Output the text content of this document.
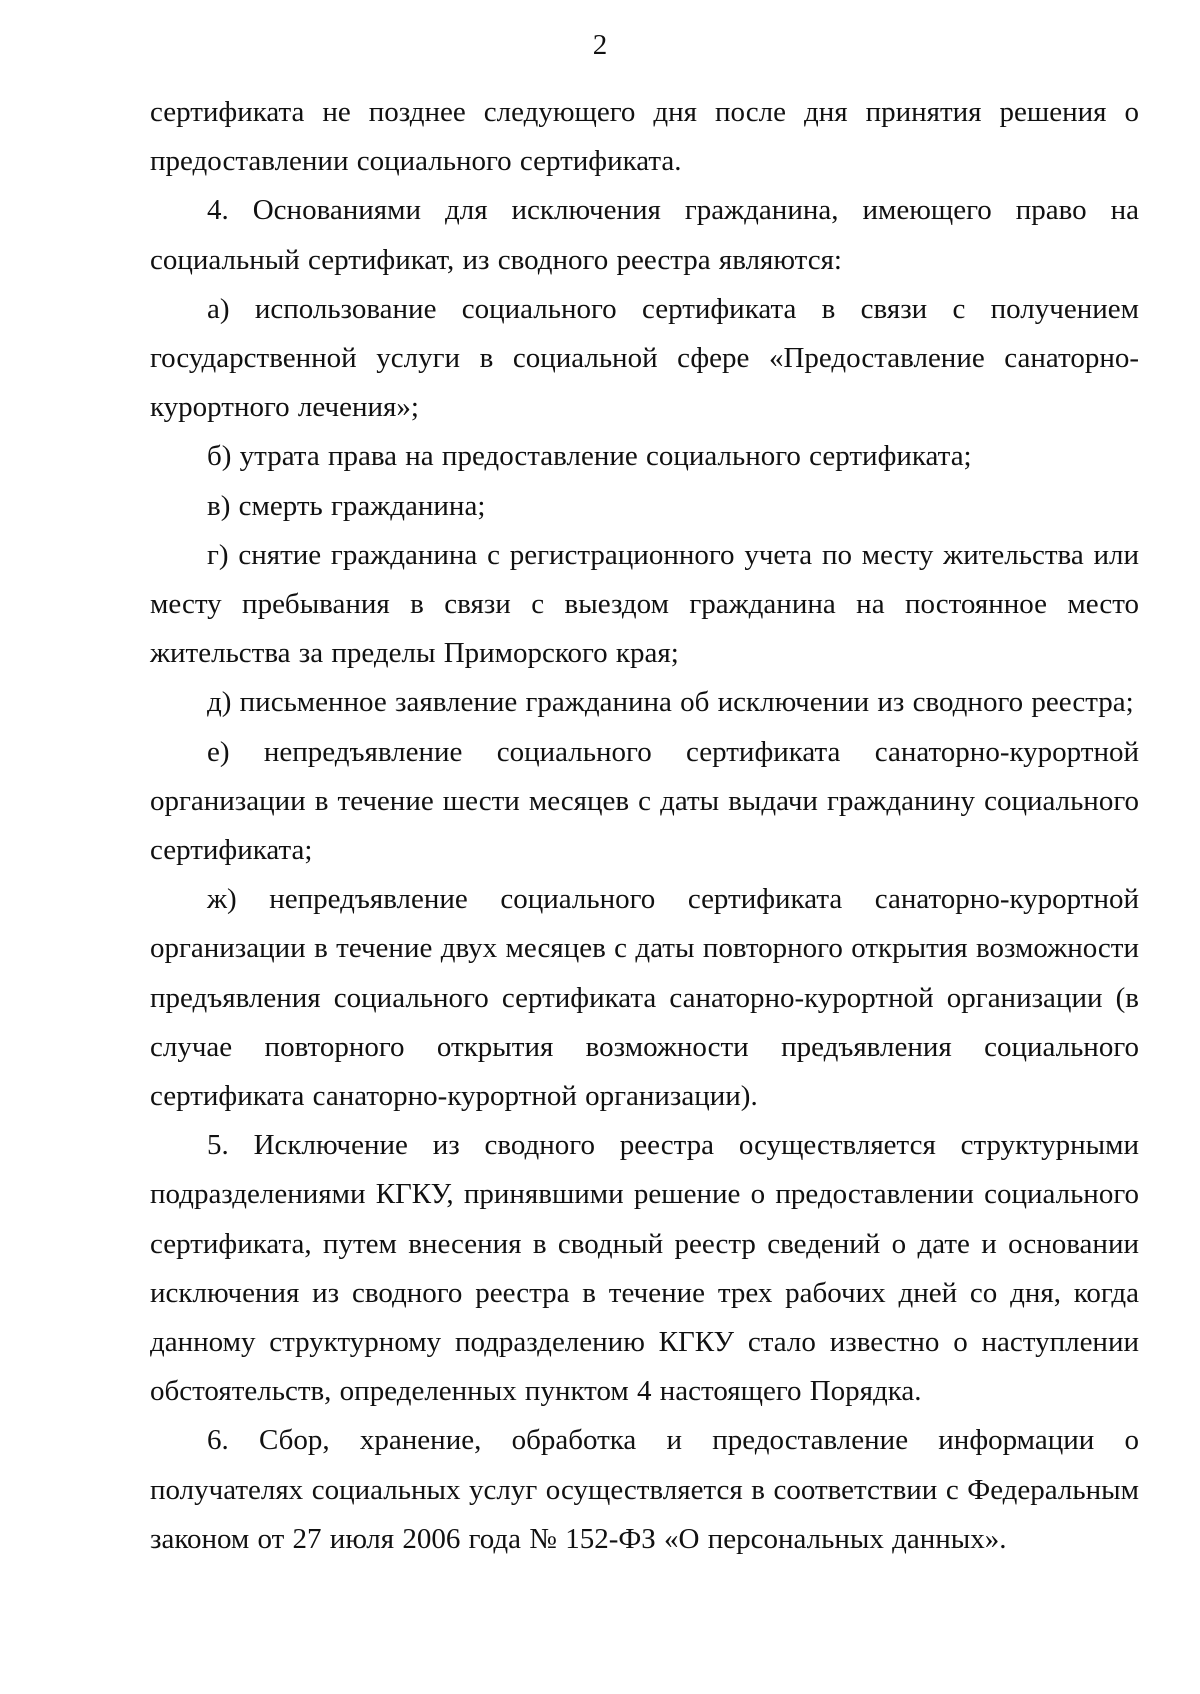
2

сертификата не позднее следующего дня после дня принятия решения о предоставлении социального сертификата.

4. Основаниями для исключения гражданина, имеющего право на социальный сертификат, из сводного реестра являются:

а) использование социального сертификата в связи с получением государственной услуги в социальной сфере «Предоставление санаторно-курортного лечения»;

б) утрата права на предоставление социального сертификата;

в) смерть гражданина;

г) снятие гражданина с регистрационного учета по месту жительства или месту пребывания в связи с выездом гражданина на постоянное место жительства за пределы Приморского края;

д) письменное заявление гражданина об исключении из сводного реестра;

е) непредъявление социального сертификата санаторно-курортной организации в течение шести месяцев с даты выдачи гражданину социального сертификата;

ж) непредъявление социального сертификата санаторно-курортной организации в течение двух месяцев с даты повторного открытия возможности предъявления социального сертификата санаторно-курортной организации (в случае повторного открытия возможности предъявления социального сертификата санаторно-курортной организации).

5. Исключение из сводного реестра осуществляется структурными подразделениями КГКУ, принявшими решение о предоставлении социального сертификата, путем внесения в сводный реестр сведений о дате и основании исключения из сводного реестра в течение трех рабочих дней со дня, когда данному структурному подразделению КГКУ стало известно о наступлении обстоятельств, определенных пунктом 4 настоящего Порядка.

6. Сбор, хранение, обработка и предоставление информации о получателях социальных услуг осуществляется в соответствии с Федеральным законом от 27 июля 2006 года № 152-ФЗ «О персональных данных».
